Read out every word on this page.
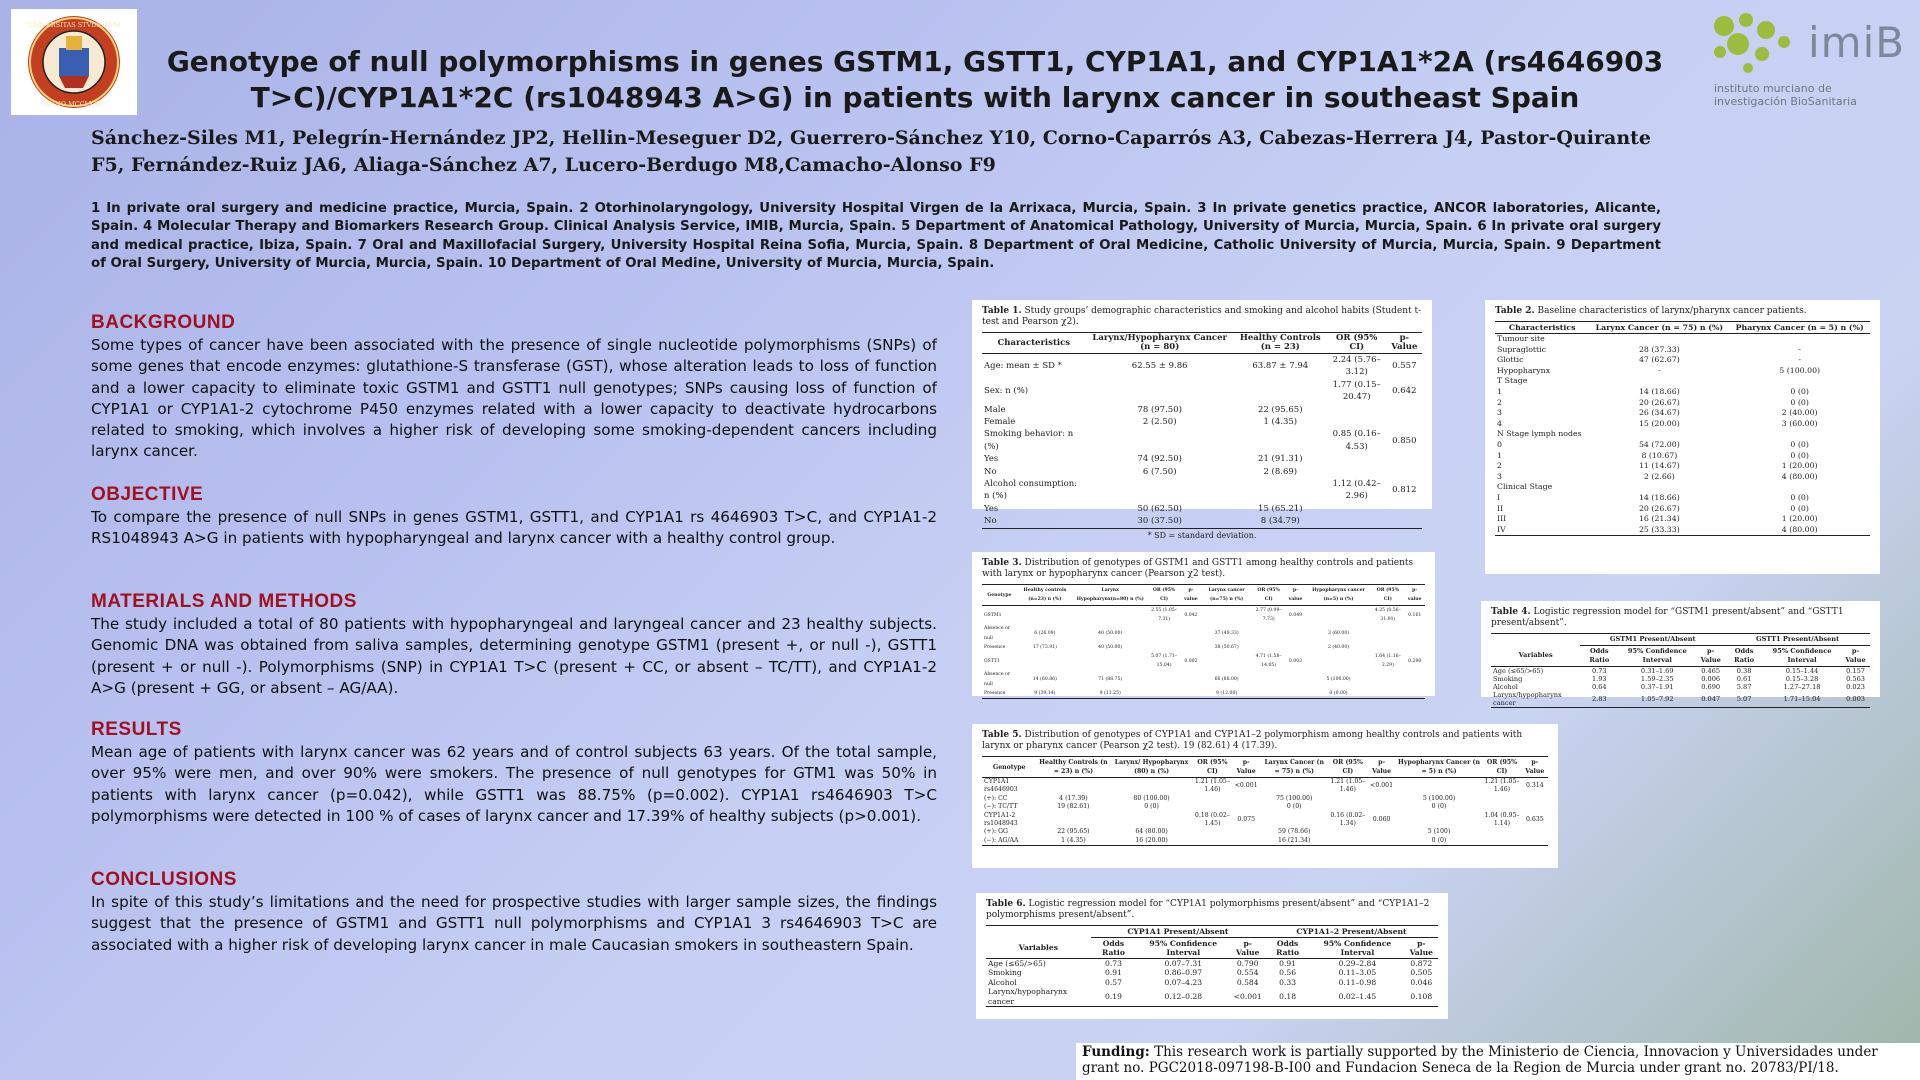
UNIVERSITAS STVDIORVM
ANNO MCCLXXII
imiB
instituto murciano de
investigación BioSanitaria
Genotype of null polymorphisms in genes GSTM1, GSTT1, CYP1A1, and CYP1A1*2A (rs4646903 T>C)/CYP1A1*2C (rs1048943 A>G) in patients with larynx cancer in southeast Spain
Sánchez-Siles M1, Pelegrín-Hernández JP2, Hellin-Meseguer D2, Guerrero-Sánchez Y10, Corno-Caparrós A3, Cabezas-Herrera J4, Pastor-Quirante F5, Fernández-Ruiz JA6, Aliaga-Sánchez A7, Lucero-Berdugo M8,Camacho-Alonso F9
1 In private oral surgery and medicine practice, Murcia, Spain. 2 Otorhinolaryngology, University Hospital Virgen de la Arrixaca, Murcia, Spain. 3 In private genetics practice, ANCOR laboratories, Alicante, Spain. 4 Molecular Therapy and Biomarkers Research Group. Clinical Analysis Service, IMIB, Murcia, Spain. 5 Department of Anatomical Pathology, University of Murcia, Murcia, Spain. 6 In private oral surgery and medical practice, Ibiza, Spain. 7 Oral and Maxillofacial Surgery, University Hospital Reina Sofia, Murcia, Spain. 8 Department of Oral Medicine, Catholic University of Murcia, Murcia, Spain. 9 Department of Oral Surgery, University of Murcia, Murcia, Spain. 10 Department of Oral Medine, University of Murcia, Murcia, Spain.
BACKGROUND

Some types of cancer have been associated with the presence of single nucleotide polymorphisms (SNPs) of some genes that encode enzymes: glutathione-S transferase (GST), whose alteration leads to loss of function and a lower capacity to eliminate toxic GSTM1 and GSTT1 null genotypes; SNPs causing loss of function of CYP1A1 or CYP1A1-2 cytochrome P450 enzymes related with a lower capacity to deactivate hydrocarbons related to smoking, which involves a higher risk of developing some smoking-dependent cancers including larynx cancer.

OBJECTIVE

To compare the presence of null SNPs in genes GSTM1, GSTT1, and CYP1A1 rs 4646903 T>C, and CYP1A1-2 RS1048943 A>G in patients with hypopharyngeal and larynx cancer with a healthy control group.

MATERIALS AND METHODS

The study included a total of 80 patients with hypopharyngeal and laryngeal cancer and 23 healthy subjects. Genomic DNA was obtained from saliva samples, determining genotype GSTM1 (present +, or null -), GSTT1 (present + or null -). Polymorphisms (SNP) in CYP1A1 T>C (present + CC, or absent – TC/TT), and CYP1A1-2 A>G (present + GG, or absent – AG/AA).

RESULTS

Mean age of patients with larynx cancer was 62 years and of control subjects 63 years. Of the total sample, over 95% were men, and over 90% were smokers. The presence of null genotypes for GTM1 was 50% in patients with larynx cancer (p=0.042), while GSTT1 was 88.75% (p=0.002). CYP1A1 rs4646903 T>C polymorphisms were detected in 100 % of cases of larynx cancer and 17.39% of healthy subjects (p>0.001).

CONCLUSIONS

In spite of this study’s limitations and the need for prospective studies with larger sample sizes, the findings suggest that the presence of GSTM1 and GSTT1 null polymorphisms and CYP1A1 3 rs4646903 T>C are associated with a higher risk of developing larynx cancer in male Caucasian smokers in southeastern Spain.

Table 1. Study groups’ demographic characteristics and smoking and alcohol habits (Student t-test and Pearson χ2).
Characteristics	Larynx/Hypopharynx Cancer (n = 80)	Healthy Controls (n = 23)	OR (95% CI)	p-Value
Age: mean ± SD *	62.55 ± 9.86	63.87 ± 7.94	2.24 (5.76–3.12)	0.557
Sex: n (%)			1.77 (0.15–20.47)	0.642
Male	78 (97.50)	22 (95.65)		
Female	2 (2.50)	1 (4.35)		
Smoking behavior: n (%)			0.85 (0.16–4.53)	0.850
Yes	74 (92.50)	21 (91.31)		
No	6 (7.50)	2 (8.69)		
Alcohol consumption: n (%)			1.12 (0.42–2.96)	0.812
Yes	50 (62.50)	15 (65.21)		
No	30 (37.50)	8 (34.79)		
* SD = standard deviation.
Table 2. Baseline characteristics of larynx/pharynx cancer patients.
Characteristics	Larynx Cancer (n = 75) n (%)	Pharynx Cancer (n = 5) n (%)
Tumour site		
Supraglottic	28 (37.33)	-
Glottic	47 (62.67)	-
Hypopharynx	-	5 (100.00)
T Stage		
1	14 (18.66)	0 (0)
2	20 (26.67)	0 (0)
3	26 (34.67)	2 (40.00)
4	15 (20.00)	3 (60.00)
N Stage lymph nodes		
0	54 (72.00)	0 (0)
1	8 (10.67)	0 (0)
2	11 (14.67)	1 (20.00)
3	2 (2.66)	4 (80.00)
Clinical Stage		
I	14 (18.66)	0 (0)
II	20 (26.67)	0 (0)
III	16 (21.34)	1 (20.00)
IV	25 (33.33)	4 (80.00)
Table 3. Distribution of genotypes of GSTM1 and GSTT1 among healthy controls and patients with larynx or hypopharynx cancer (Pearson χ2 test).
Genotype	Healthy controls (n=23) n (%)	Larynx Hypopharynx(n=80) n (%)	OR (95% CI)	p-value	Larynx cancer (n=75) n (%)	OR (95% CI)	p-value	Hypopharynx cancer (n=5) n (%)	OR (95% CI)	p-value
GSTM1			2.55 (1.05–7.31)	0.042		2.77 (0.99–7.73)	0.049		4.25 (0.56–31.91)	0.161
Absence or null	6 (26.09)	40 (50.00)			37 (49.33)			3 (60.00)		
Presence	17 (73.91)	40 (50.00)			38 (50.67)			2 (40.00)		
GSTT1			5.07 (1.71–15.04)	0.002		4.71 (1.58–14.05)	0.003		1.64 (1.16–2.29)	0.290
Absence or null	14 (60.86)	71 (88.75)			66 (88.00)			5 (100.00)		
Presence	9 (39.14)	9 (11.25)			9 (12.00)			0 (0.00)		
Table 4. Logistic regression model for “GSTM1 present/absent” and “GSTT1 present/absent”.
	GSTM1 Present/Absent			GSTT1 Present/Absent		
Variables	Odds Ratio	95% Confidence Interval	p-Value	Odds Ratio	95% Confidence Interval	p-Value
Age (≤65/>65)	0.73	0.31–1.69	0.465	0.38	0.15–1.44	0.157
Smoking	1.93	1.59–2.35	0.006	0.61	0.15–3.28	0.563
Alcohol	0.64	0.37–1.91	0.690	5.87	1.27–27.18	0.023
Larynx/hypopharynx cancer	2.83	1.05–7.92	0.047	5.07	1.71–15.04	0.003
Table 5. Distribution of genotypes of CYP1A1 and CYP1A1–2 polymorphism among healthy controls and patients with larynx or pharynx cancer (Pearson χ2 test). 19 (82.61) 4 (17.39).
Genotype	Healthy Controls (n = 23) n (%)	Larynx/ Hypopharynx (80) n (%)	OR (95% CI)	p-Value	Larynx Cancer (n = 75) n (%)	OR (95% CI)	p-Value	Hypopharynx Cancer (n = 5) n (%)	OR (95% CI)	p-Value
CYP1A1 rs4646903			1.21 (1.05–1.46)	<0.001		1.21 (1.05–1.46)	<0.001		1.21 (1.05–1.46)	0.314
(+): CC	4 (17.39)	80 (100.00)			75 (100.00)			5 (100.00)		
(−): TC/TT	19 (82.61)	0 (0)			0 (0)			0 (0)		
CYP1A1-2 rs1048943			0.18 (0.02–1.45)	0.075		0.16 (0.02–1.34)	0.060		1.04 (0.95–1.14)	0.635
(+): GG	22 (95.65)	64 (80.00)			59 (78.66)			5 (100)		
(−): AG/AA	1 (4.35)	16 (20.00)			16 (21.34)			0 (0)		
Table 6. Logistic regression model for “CYP1A1 polymorphisms present/absent” and “CYP1A1–2 polymorphisms present/absent”.
	CYP1A1 Present/Absent			CYP1A1–2 Present/Absent		
Variables	Odds Ratio	95% Confidence Interval	p-Value	Odds Ratio	95% Confidence Interval	p-Value
Age (≤65/>65)	0.73	0.07–7.31	0.790	0.91	0.29–2.84	0.872
Smoking	0.91	0.86–0.97	0.554	0.56	0.11–3.05	0.505
Alcohol	0.57	0.07–4.23	0.584	0.33	0.11–0.98	0.046
Larynx/hypopharynx cancer	0.19	0.12–0.28	<0.001	0.18	0.02–1.45	0.108
Funding: This research work is partially supported by the Ministerio de Ciencia, Innovacion y Universidades under grant no. PGC2018-097198-B-I00 and Fundacion Seneca de la Region de Murcia under grant no. 20783/PI/18.
